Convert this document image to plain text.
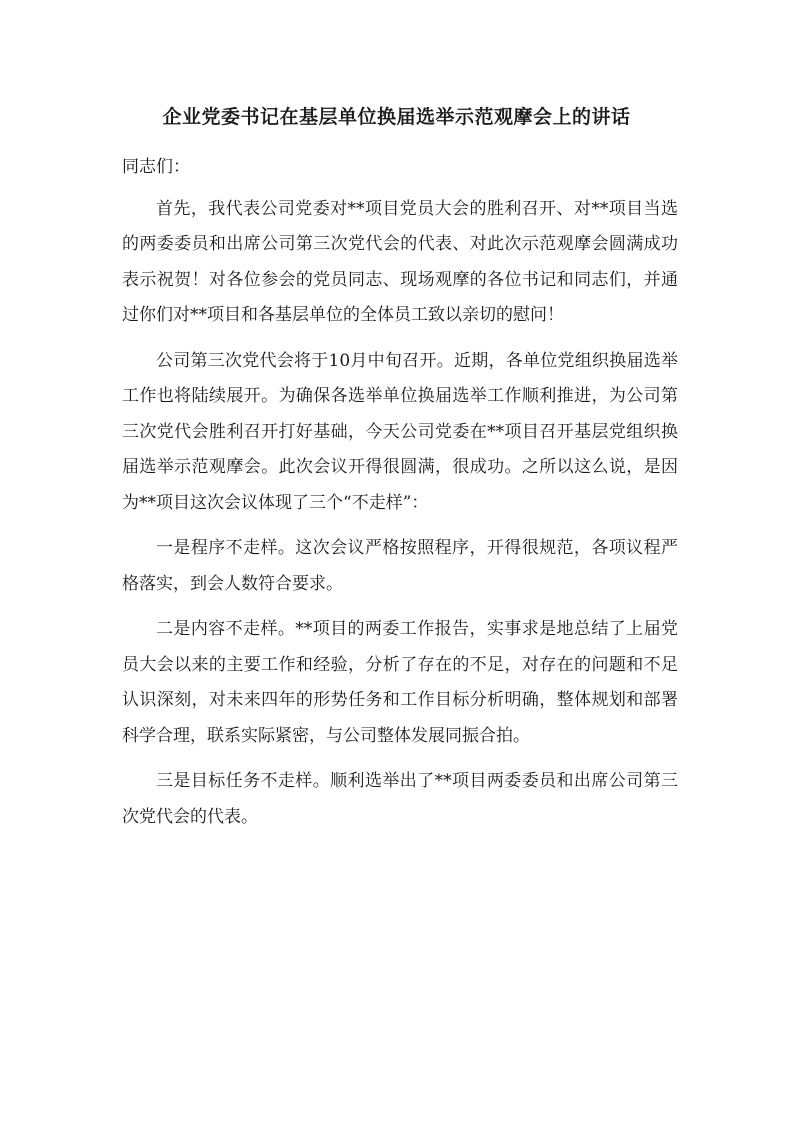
企业党委书记在基层单位换届选举示范观摩会上的讲话

同志们：

首先，我代表公司党委对**项目党员大会的胜利召开、对**项目当选的两委委员和出席公司第三次党代会的代表、对此次示范观摩会圆满成功表示祝贺！对各位参会的党员同志、现场观摩的各位书记和同志们，并通过你们对**项目和各基层单位的全体员工致以亲切的慰问！

公司第三次党代会将于10月中旬召开。近期，各单位党组织换届选举工作也将陆续展开。为确保各选举单位换届选举工作顺利推进，为公司第三次党代会胜利召开打好基础，今天公司党委在**项目召开基层党组织换届选举示范观摩会。此次会议开得很圆满，很成功。之所以这么说，是因为**项目这次会议体现了三个“不走样”：

一是程序不走样。这次会议严格按照程序，开得很规范，各项议程严格落实，到会人数符合要求。

二是内容不走样。**项目的两委工作报告，实事求是地总结了上届党员大会以来的主要工作和经验，分析了存在的不足，对存在的问题和不足认识深刻，对未来四年的形势任务和工作目标分析明确，整体规划和部署科学合理，联系实际紧密，与公司整体发展同振合拍。

三是目标任务不走样。顺利选举出了**项目两委委员和出席公司第三次党代会的代表。
